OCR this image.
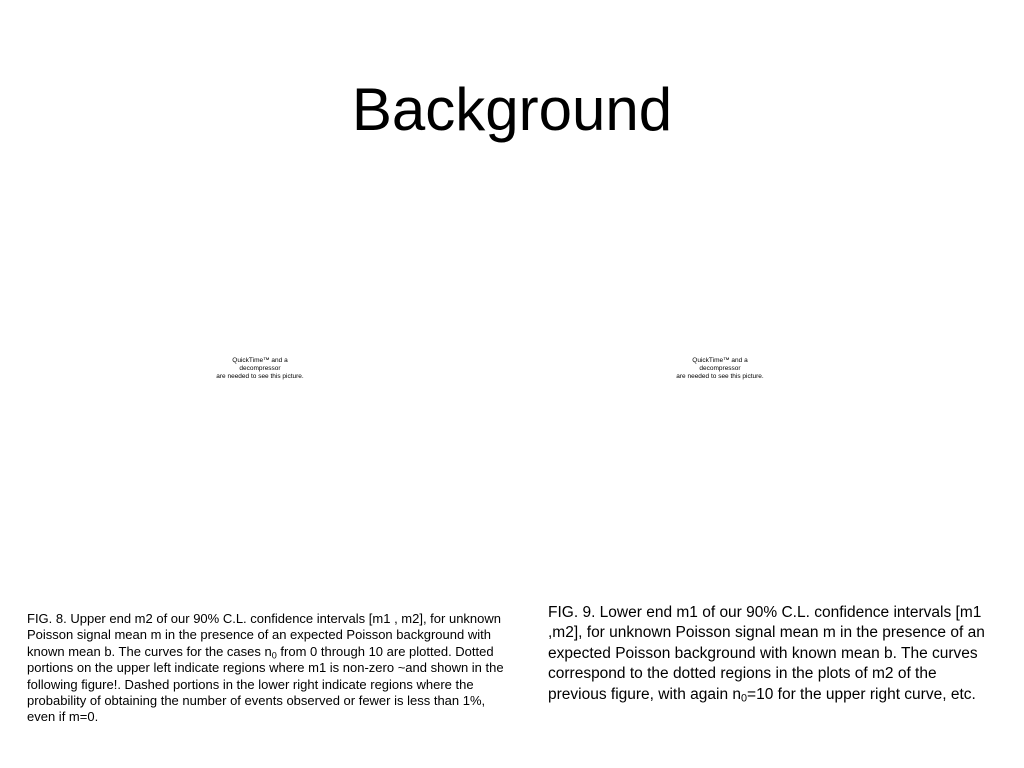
Background
QuickTime™ and a
decompressor
are needed to see this picture.
QuickTime™ and a
decompressor
are needed to see this picture.

FIG. 8. Upper end m2 of our 90% C.L. confidence intervals [m1 , m2], for unknown Poisson signal mean m in the presence of an expected Poisson background with known mean b. The curves for the cases $n_0$ from 0 through 10 are plotted. Dotted portions on the upper left indicate regions where m1 is non-zero ~and shown in the following figure!. Dashed portions in the lower right indicate regions where the probability of obtaining the number of events observed or fewer is less than 1%, even if m=0.

FIG. 9. Lower end m1 of our 90% C.L. confidence intervals [m1 ,m2], for unknown Poisson signal mean m in the presence of an expected Poisson background with known mean b. The curves correspond to the dotted regions in the plots of m2 of the previous figure, with again $n_0=10$ for the upper right curve, etc.
